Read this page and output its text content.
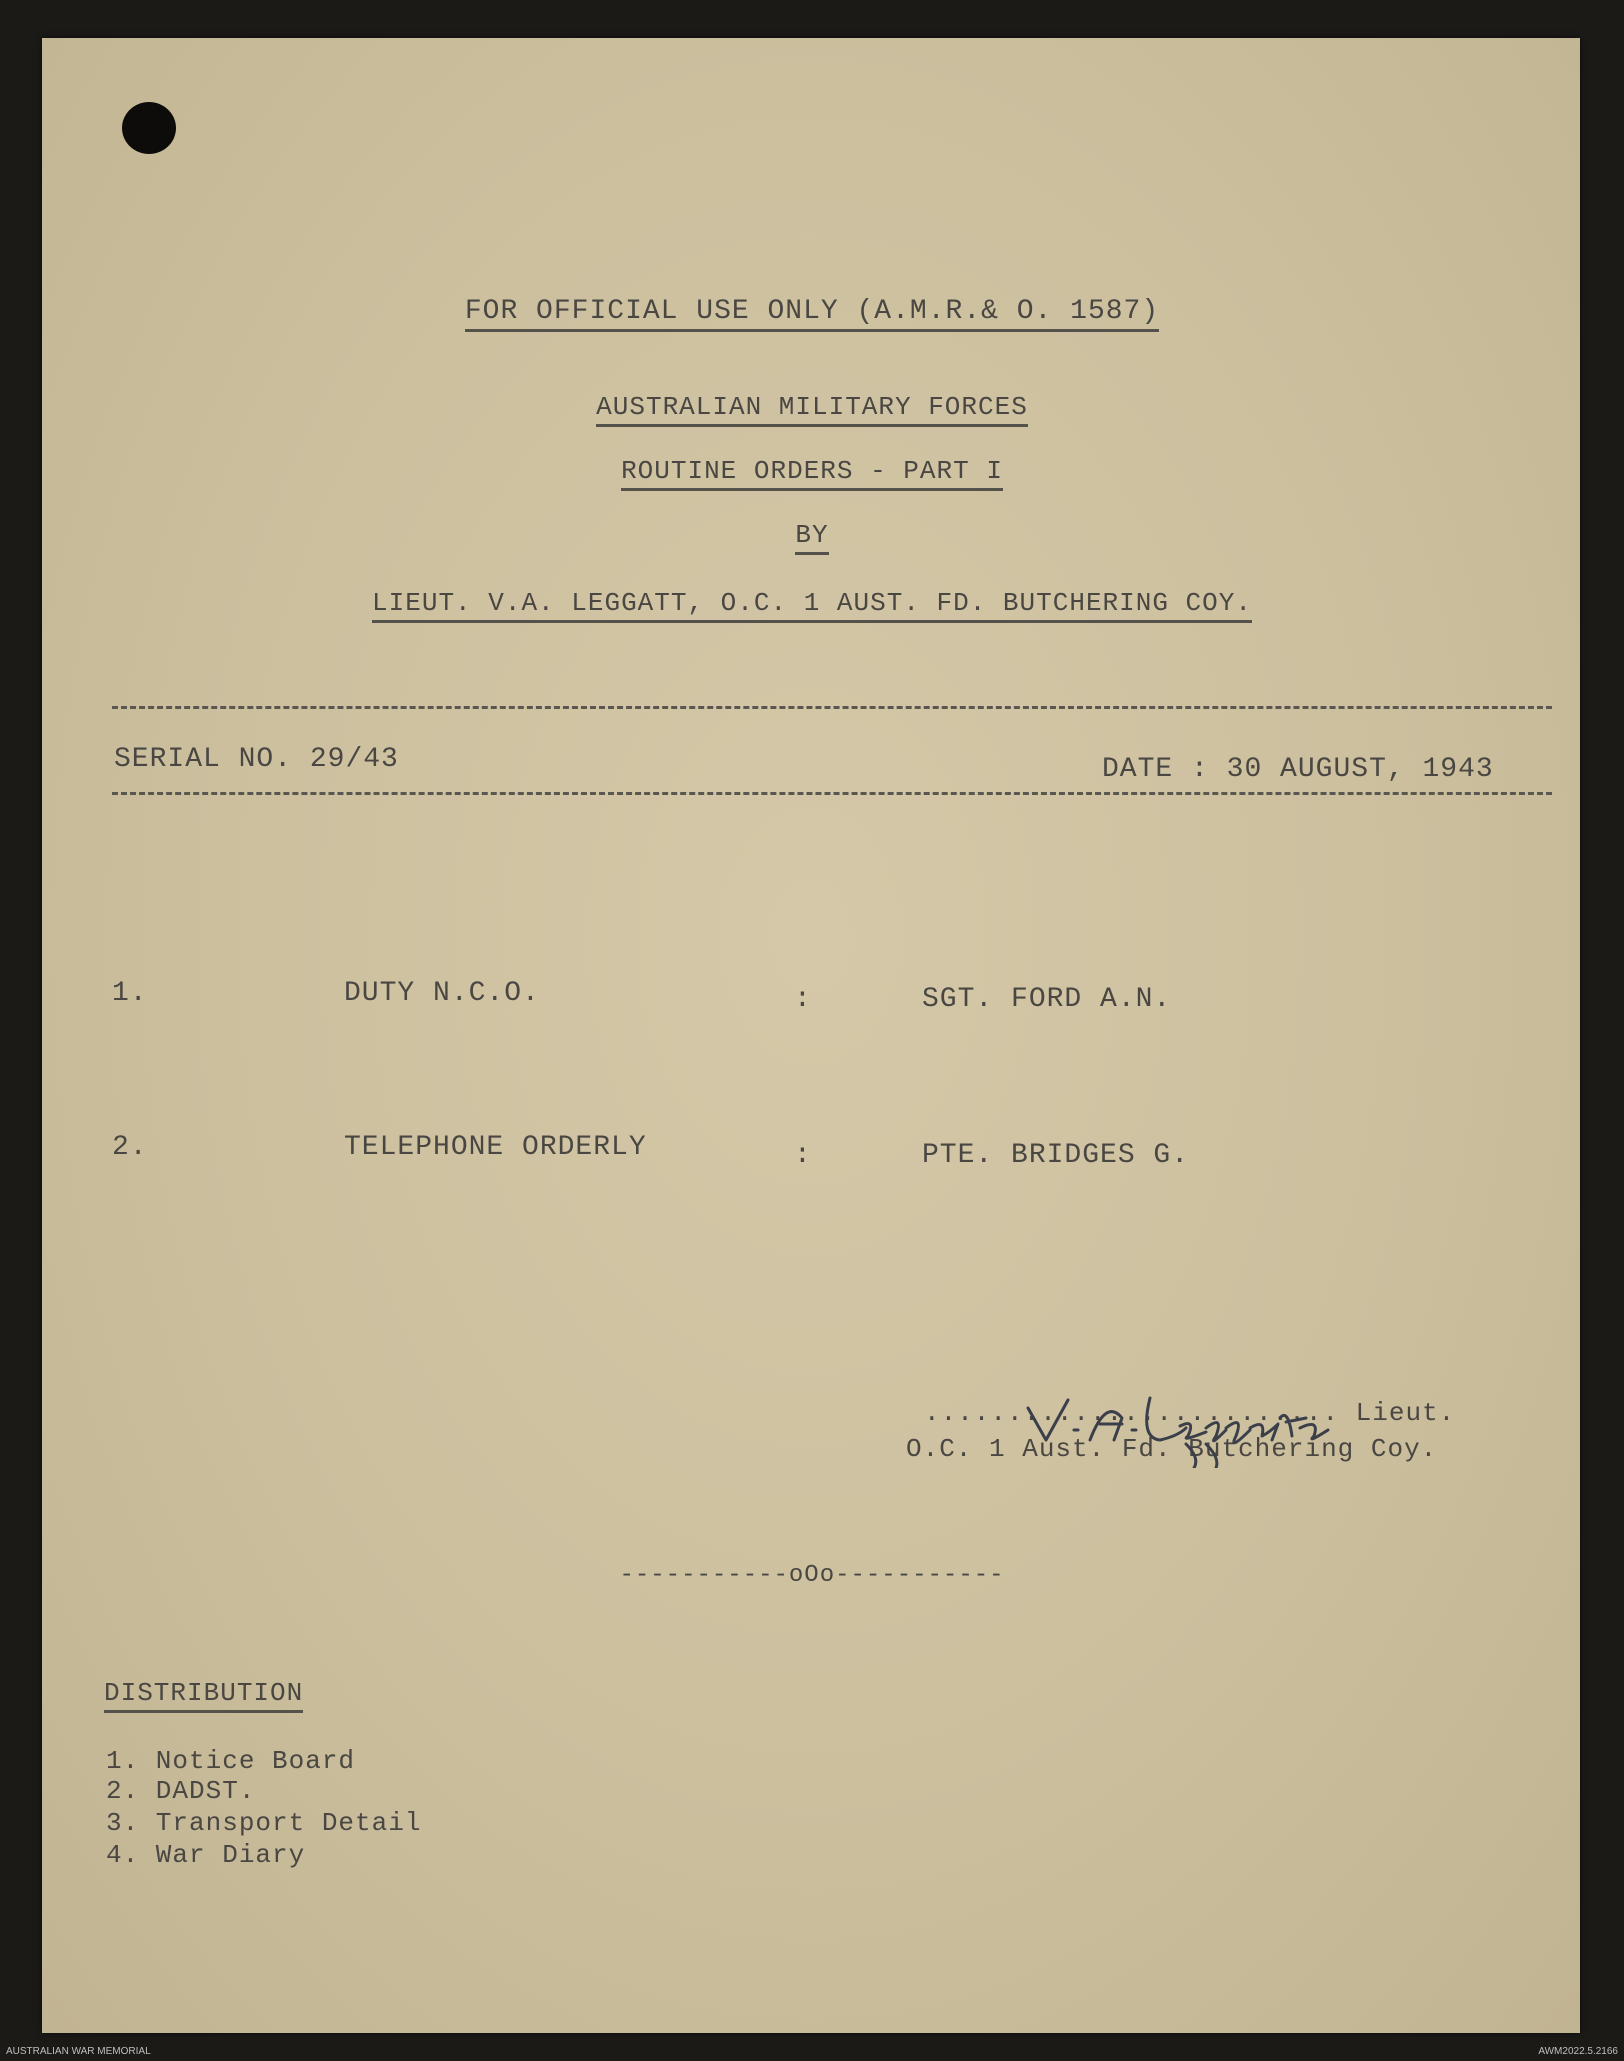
FOR OFFICIAL USE ONLY (A.M.R.& O. 1587)
AUSTRALIAN MILITARY FORCES
ROUTINE ORDERS - PART I
BY
LIEUT. V.A. LEGGATT, O.C. 1 AUST. FD. BUTCHERING COY.
SERIAL NO. 29/43	DATE : 30 AUGUST, 1943
1.	DUTY N.C.O.	:	SGT. FORD A.N.
2.	TELEPHONE ORDERLY	:	PTE. BRIDGES G.
......................... Lieut.
O.C. 1 Aust. Fd. Butchering Coy.
-----------oOo-----------
DISTRIBUTION
1. Notice Board
2. DADST.
3. Transport Detail
4. War Diary
AUSTRALIAN WAR MEMORIAL	AWM2022.5.2166
